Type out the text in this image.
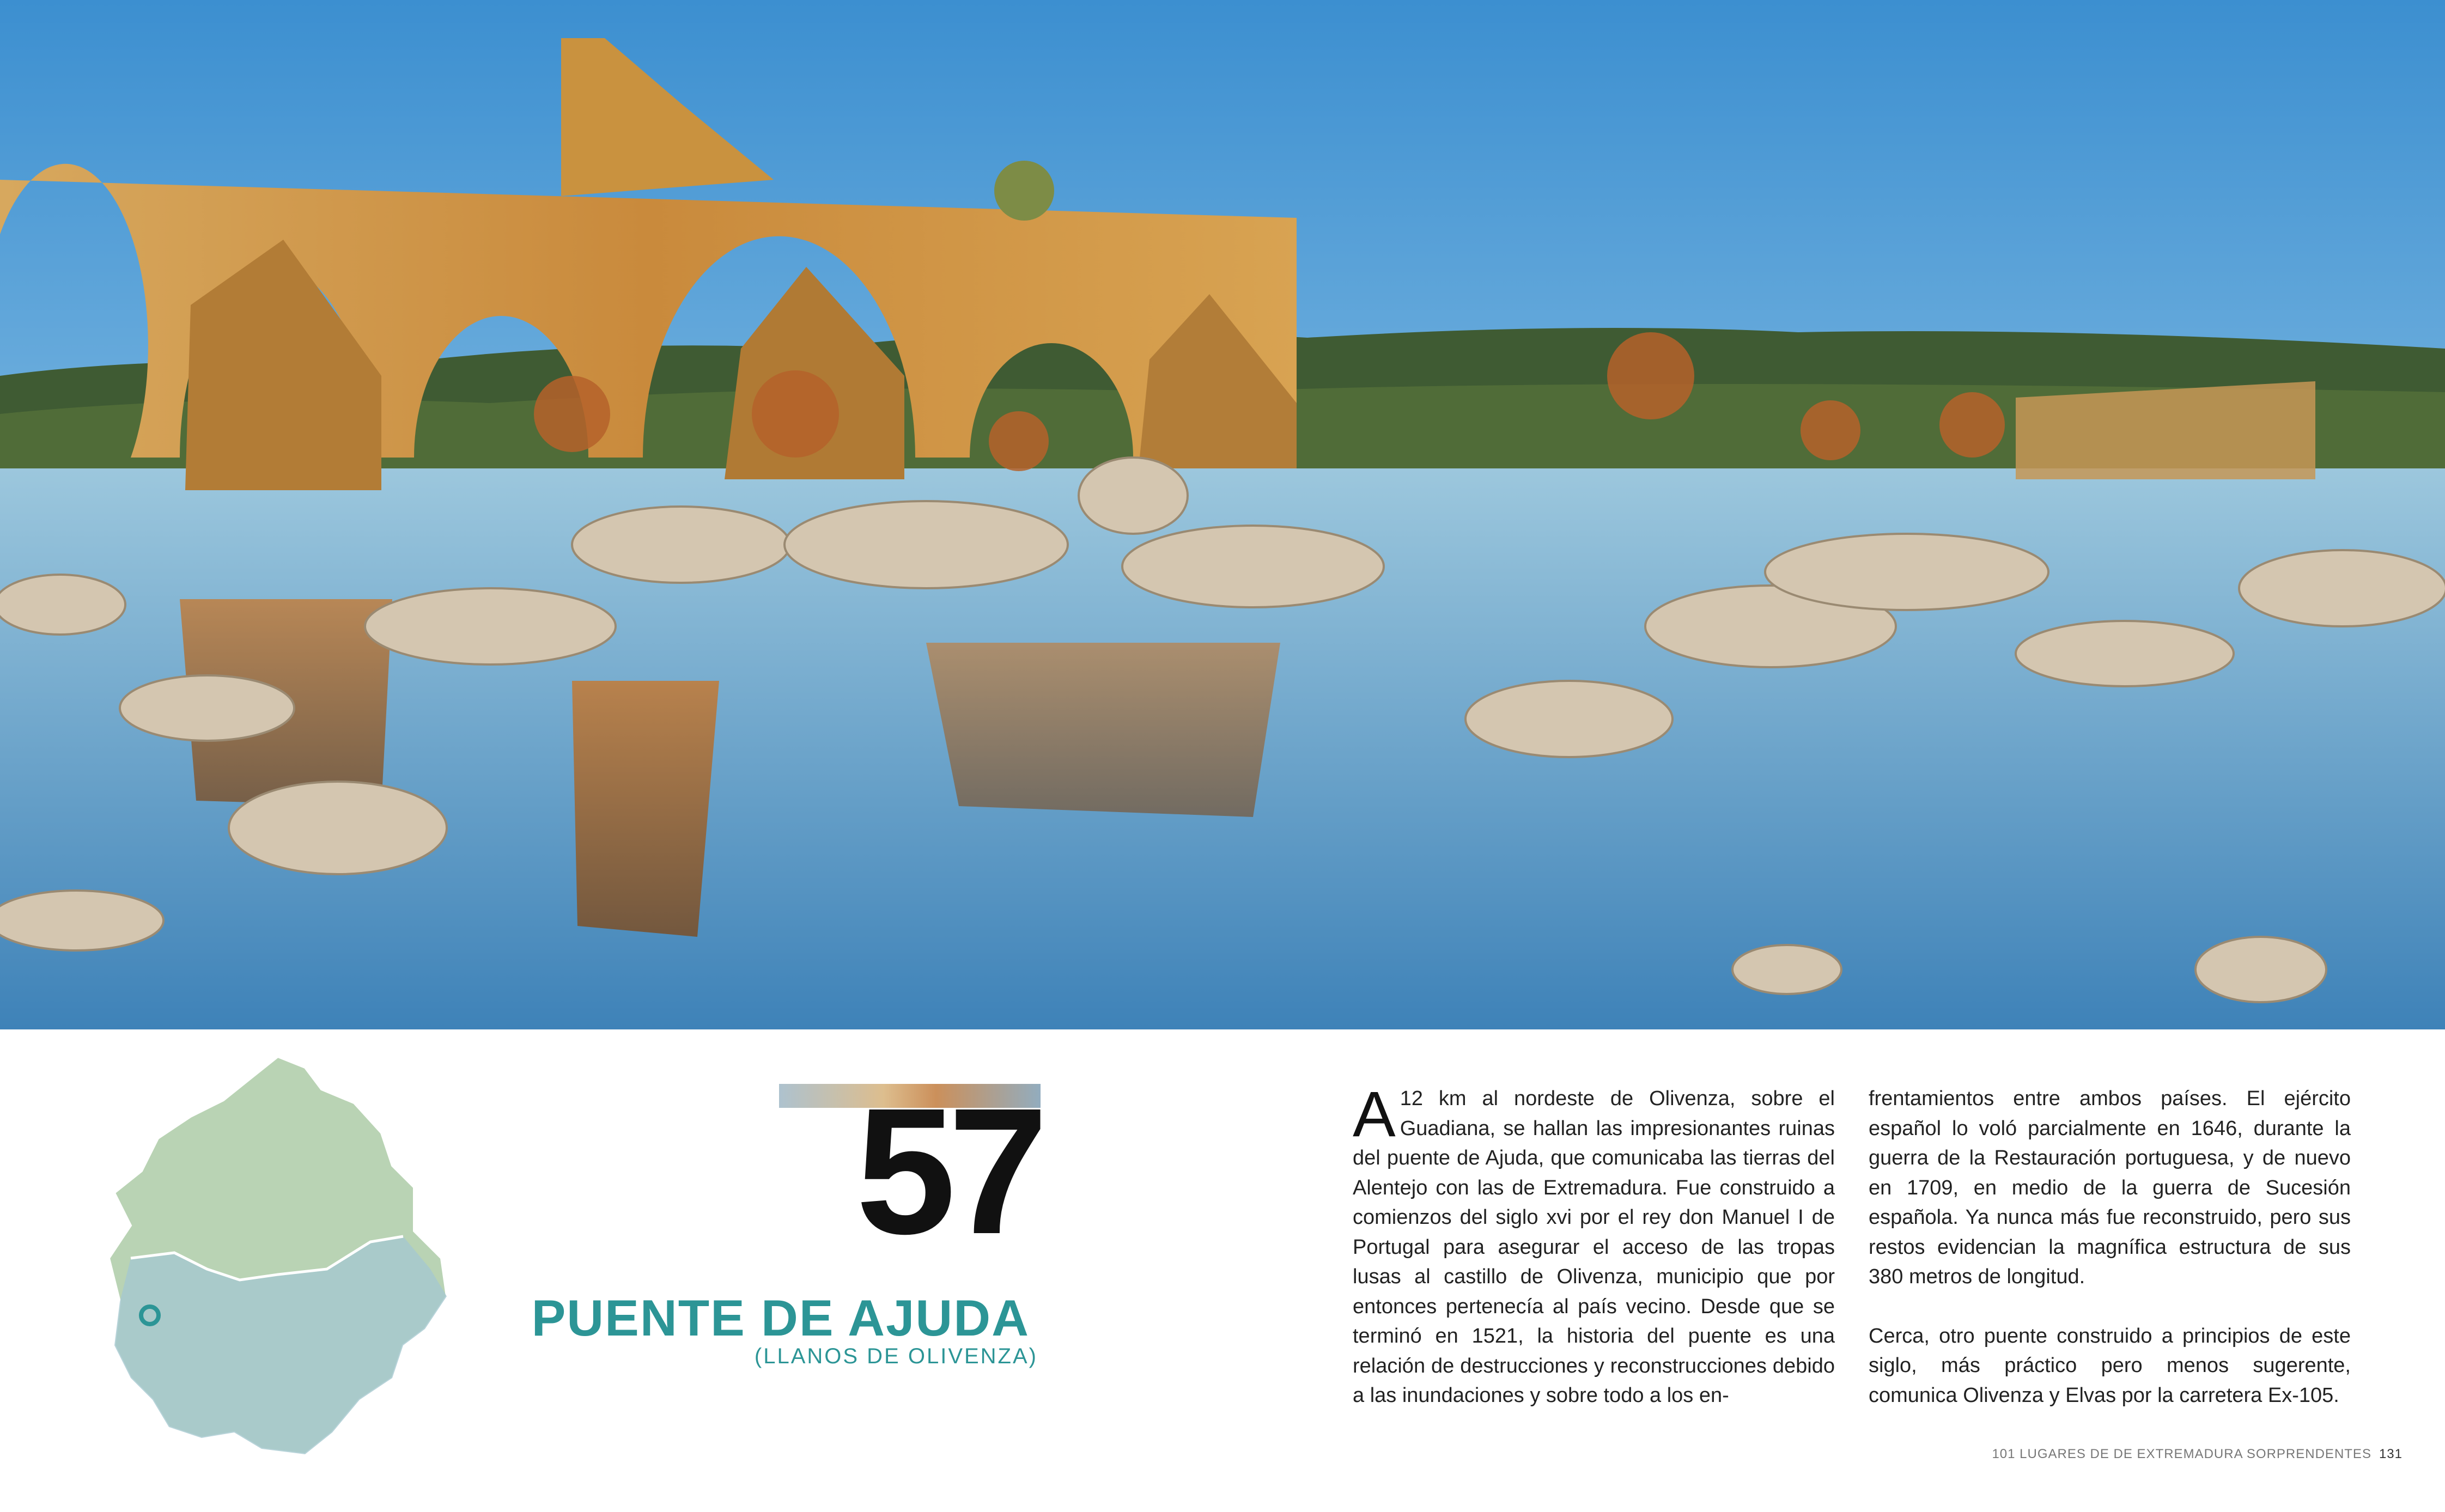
57
PUENTE DE AJUDA
(LLANOS DE OLIVENZA)

A 12 km al nordeste de Olivenza, sobre el Guadiana, se hallan las impresionantes ruinas del puente de Ajuda, que comunicaba las tierras del Alentejo con las de Extremadura. Fue construido a comienzos del siglo xvi por el rey don Manuel I de Portugal para asegurar el acceso de las tropas lusas al castillo de Olivenza, municipio que por entonces pertenecía al país vecino. Desde que se terminó en 1521, la historia del puente es una relación de destrucciones y reconstrucciones debido a las inundaciones y sobre todo a los en-

frentamientos entre ambos países. El ejército español lo voló parcialmente en 1646, durante la guerra de la Restauración portuguesa, y de nuevo en 1709, en medio de la guerra de Sucesión española. Ya nunca más fue reconstruido, pero sus restos evidencian la magnífica estructura de sus 380 metros de longitud.

Cerca, otro puente construido a principios de este siglo, más práctico pero menos sugerente, comunica Olivenza y Elvas por la carretera Ex-105.

101 LUGARES DE DE EXTREMADURA SORPRENDENTES 131
